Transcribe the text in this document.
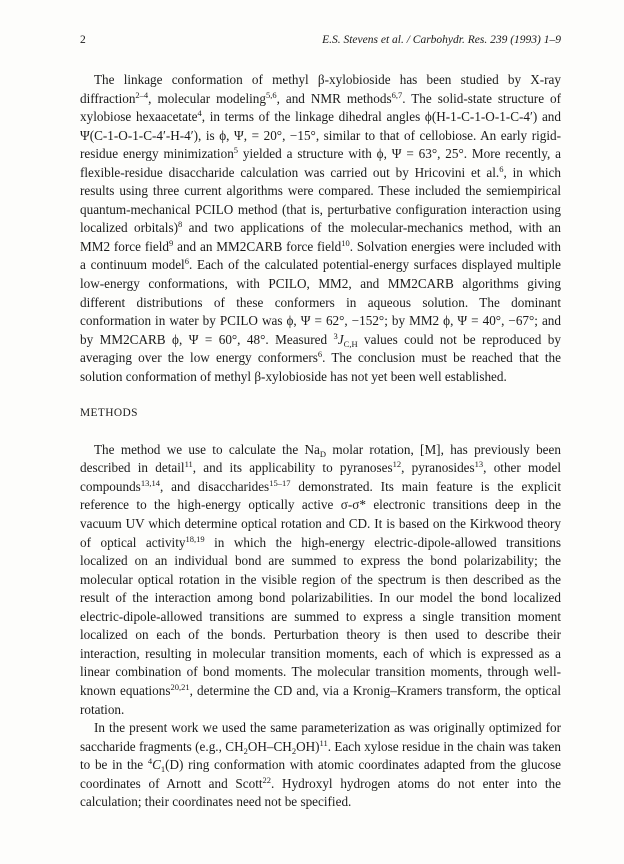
2	E.S. Stevens et al. / Carbohydr. Res. 239 (1993) 1–9

The linkage conformation of methyl β-xylobioside has been studied by X-ray diffraction$^{2-4}$, molecular modeling$^{5,6}$, and NMR methods$^{6,7}$. The solid-state structure of xylobiose hexaacetate$^4$, in terms of the linkage dihedral angles ϕ(H-1-C-1-O-1-C-4′) and Ψ(C-1-O-1-C-4′-H-4′), is ϕ, Ψ, = 20°, −15°, similar to that of cellobiose. An early rigid-residue energy minimization$^5$ yielded a structure with ϕ, Ψ = 63°, 25°. More recently, a flexible-residue disaccharide calculation was carried out by Hricovini et al.$^6$, in which results using three current algorithms were compared. These included the semiempirical quantum-mechanical PCILO method (that is, perturbative configuration interaction using localized orbitals)$^8$ and two applications of the molecular-mechanics method, with an MM2 force field$^9$ and an MM2CARB force field$^{10}$. Solvation energies were included with a continuum model$^6$. Each of the calculated potential-energy surfaces displayed multiple low-energy conformations, with PCILO, MM2, and MM2CARB algorithms giving different distributions of these conformers in aqueous solution. The dominant conformation in water by PCILO was ϕ, Ψ = 62°, −152°; by MM2 ϕ, Ψ = 40°, −67°; and by MM2CARB ϕ, Ψ = 60°, 48°. Measured $^3J_{C,H}$ values could not be reproduced by averaging over the low energy conformers$^6$. The conclusion must be reached that the solution conformation of methyl β-xylobioside has not yet been well established.

METHODS

The method we use to calculate the $Na_D$ molar rotation, [M], has previously been described in detail$^{11}$, and its applicability to pyranoses$^{12}$, pyranosides$^{13}$, other model compounds$^{13,14}$, and disaccharides$^{15-17}$ demonstrated. Its main feature is the explicit reference to the high-energy optically active σ-σ* electronic transitions deep in the vacuum UV which determine optical rotation and CD. It is based on the Kirkwood theory of optical activity$^{18,19}$ in which the high-energy electric-dipole-allowed transitions localized on an individual bond are summed to express the bond polarizability; the molecular optical rotation in the visible region of the spectrum is then described as the result of the interaction among bond polarizabilities. In our model the bond localized electric-dipole-allowed transitions are summed to express a single transition moment localized on each of the bonds. Perturbation theory is then used to describe their interaction, resulting in molecular transition moments, each of which is expressed as a linear combination of bond moments. The molecular transition moments, through well-known equations$^{20,21}$, determine the CD and, via a Kronig–Kramers transform, the optical rotation.

In the present work we used the same parameterization as was originally optimized for saccharide fragments (e.g., $CH_2OH-CH_2OH)^{11}$. Each xylose residue in the chain was taken to be in the $^4C_1(D)$ ring conformation with atomic coordinates adapted from the glucose coordinates of Arnott and Scott$^{22}$. Hydroxyl hydrogen atoms do not enter into the calculation; their coordinates need not be specified.
